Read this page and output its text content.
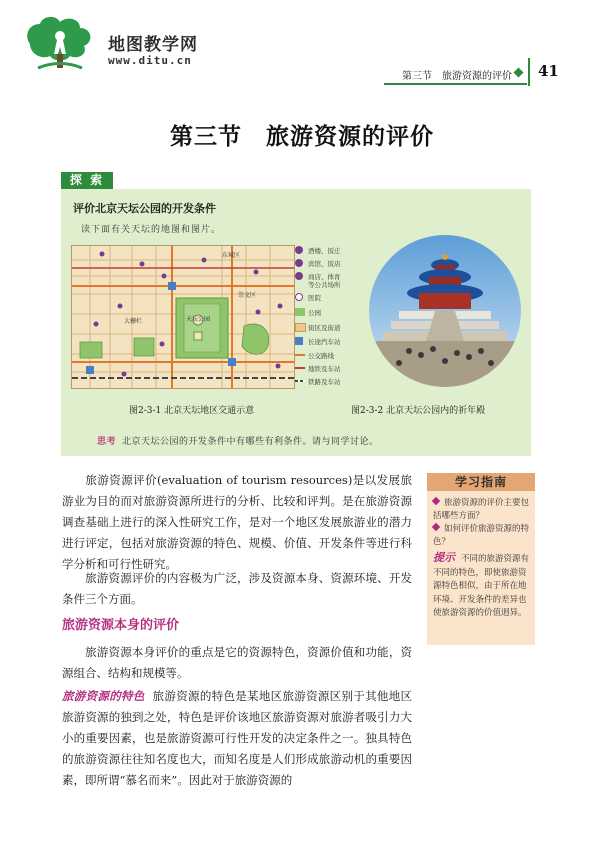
地图教学网
www.ditu.cn
第三节 旅游资源的评价 41
第三节 旅游资源的评价
探 索
评价北京天坛公园的开发条件
读下面有关天坛的地图和图片。
天坛公园
大栅栏
东城区
崇文区
酒楼、饭庄
宾馆、饭店
商店、体育
等公共场所
医院
公园
街区及街道
长途汽车站
公交路线
地铁及车站
铁路及车站
图2-3-1 北京天坛地区交通示意	图2-3-2 北京天坛公园内的祈年殿
思考 北京天坛公园的开发条件中有哪些有利条件。请与同学讨论。
旅游资源评价(evaluation of tourism resources)是以发展旅游业为目的而对旅游资源所进行的分析、比较和评判。是在旅游资源调查基础上进行的深入性研究工作，是对一个地区发展旅游业的潜力进行评定，包括对旅游资源的特色、规模、价值、开发条件等进行科学分析和可行性研究。
旅游资源评价的内容极为广泛，涉及资源本身、资源环境、开发条件三个方面。
旅游资源本身的评价
旅游资源本身评价的重点是它的资源特色，资源价值和功能，资源组合、结构和规模等。
旅游资源的特色 旅游资源的特色是某地区旅游资源区别于其他地区旅游资源的独到之处，特色是评价该地区旅游资源对旅游者吸引力大小的重要因素，也是旅游资源可行性开发的决定条件之一。独具特色的旅游资源往往知名度也大，而知名度是人们形成旅游动机的重要因素，即所谓“慕名而来”。因此对于旅游资源的
学习指南
旅游资源的评价主要包括哪些方面？
如何评价旅游资源的特色？
提示 不同的旅游资源有不同的特色，即使旅游资源特色相似，由于所在地环境、开发条件的差异也使旅游资源的价值迥异。
